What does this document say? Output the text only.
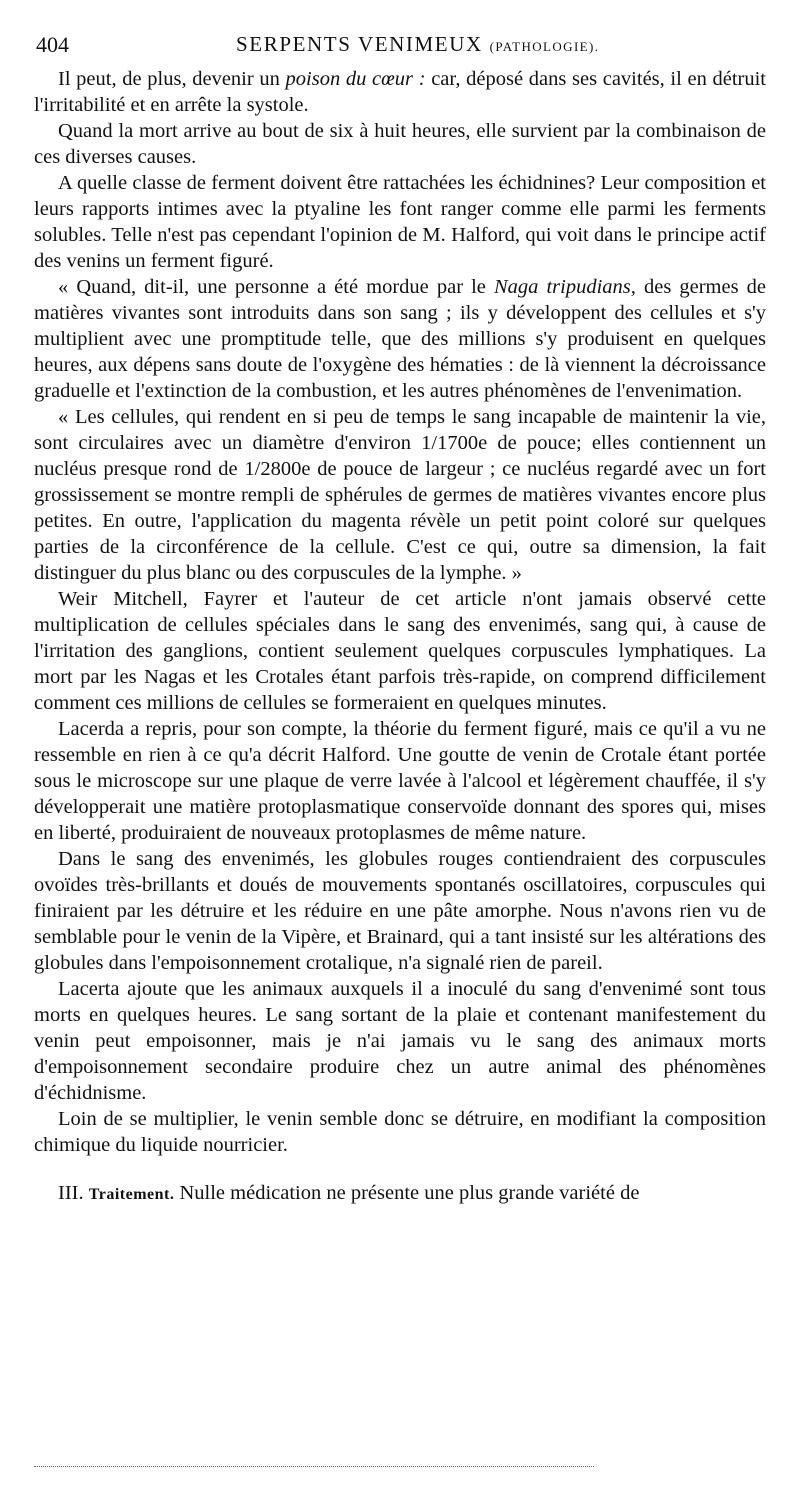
404	SERPENTS VENIMEUX (PATHOLOGIE).

Il peut, de plus, devenir un poison du cœur : car, déposé dans ses cavités, il en détruit l'irritabilité et en arrête la systole.

Quand la mort arrive au bout de six à huit heures, elle survient par la combinaison de ces diverses causes.

A quelle classe de ferment doivent être rattachées les échidnines? Leur composition et leurs rapports intimes avec la ptyaline les font ranger comme elle parmi les ferments solubles. Telle n'est pas cependant l'opinion de M. Halford, qui voit dans le principe actif des venins un ferment figuré.

« Quand, dit-il, une personne a été mordue par le Naga tripudians, des germes de matières vivantes sont introduits dans son sang ; ils y développent des cellules et s'y multiplient avec une promptitude telle, que des millions s'y produisent en quelques heures, aux dépens sans doute de l'oxygène des hématies : de là viennent la décroissance graduelle et l'extinction de la combustion, et les autres phénomènes de l'envenimation.

« Les cellules, qui rendent en si peu de temps le sang incapable de maintenir la vie, sont circulaires avec un diamètre d'environ 1/1700e de pouce; elles contiennent un nucléus presque rond de 1/2800e de pouce de largeur ; ce nucléus regardé avec un fort grossissement se montre rempli de sphérules de germes de matières vivantes encore plus petites. En outre, l'application du magenta révèle un petit point coloré sur quelques parties de la circonférence de la cellule. C'est ce qui, outre sa dimension, la fait distinguer du plus blanc ou des corpuscules de la lymphe. »

Weir Mitchell, Fayrer et l'auteur de cet article n'ont jamais observé cette multiplication de cellules spéciales dans le sang des envenimés, sang qui, à cause de l'irritation des ganglions, contient seulement quelques corpuscules lymphatiques. La mort par les Nagas et les Crotales étant parfois très-rapide, on comprend difficilement comment ces millions de cellules se formeraient en quelques minutes.

Lacerda a repris, pour son compte, la théorie du ferment figuré, mais ce qu'il a vu ne ressemble en rien à ce qu'a décrit Halford. Une goutte de venin de Crotale étant portée sous le microscope sur une plaque de verre lavée à l'alcool et légèrement chauffée, il s'y développerait une matière protoplasmatique conservoïde donnant des spores qui, mises en liberté, produiraient de nouveaux protoplasmes de même nature.

Dans le sang des envenimés, les globules rouges contiendraient des corpuscules ovoïdes très-brillants et doués de mouvements spontanés oscillatoires, corpuscules qui finiraient par les détruire et les réduire en une pâte amorphe. Nous n'avons rien vu de semblable pour le venin de la Vipère, et Brainard, qui a tant insisté sur les altérations des globules dans l'empoisonnement crotalique, n'a signalé rien de pareil.

Lacerta ajoute que les animaux auxquels il a inoculé du sang d'envenimé sont tous morts en quelques heures. Le sang sortant de la plaie et contenant manifestement du venin peut empoisonner, mais je n'ai jamais vu le sang des animaux morts d'empoisonnement secondaire produire chez un autre animal des phénomènes d'échidnisme.

Loin de se multiplier, le venin semble donc se détruire, en modifiant la composition chimique du liquide nourricier.

III. Traitement. Nulle médication ne présente une plus grande variété de
